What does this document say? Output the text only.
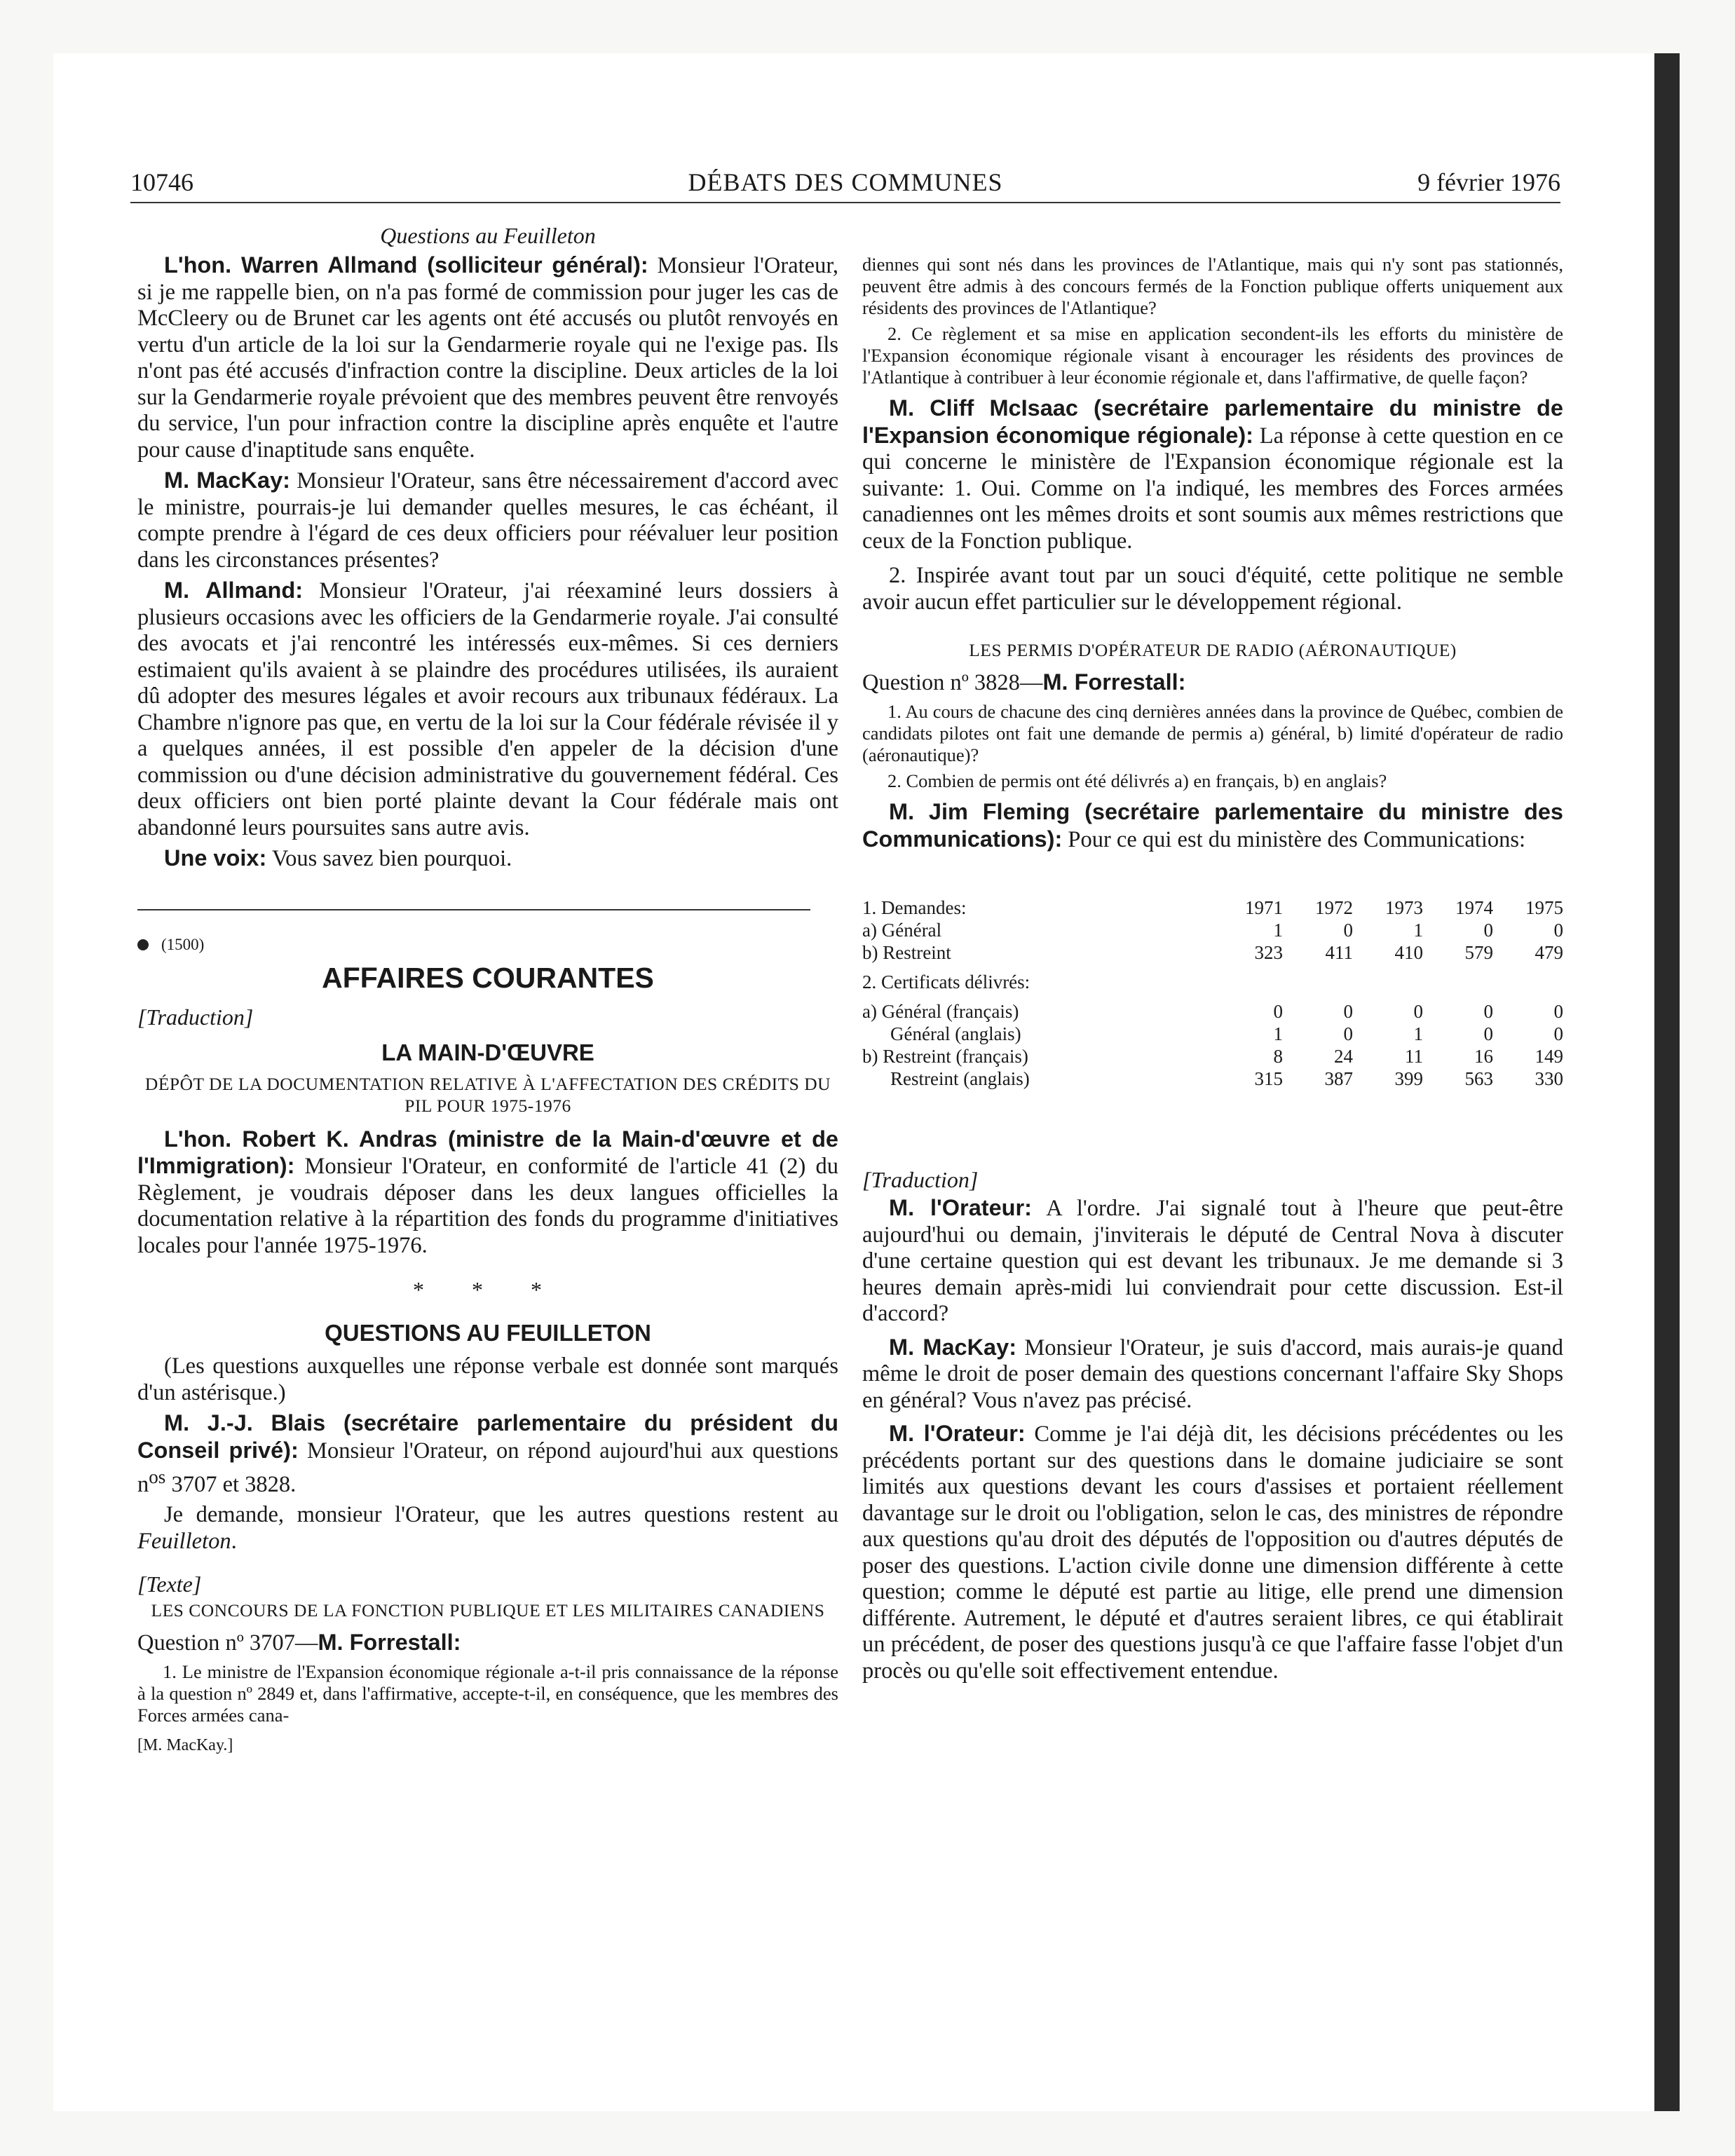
10746	DÉBATS DES COMMUNES	9 février 1976
Questions au Feuilleton

L'hon. Warren Allmand (solliciteur général): Monsieur l'Orateur, si je me rappelle bien, on n'a pas formé de commission pour juger les cas de McCleery ou de Brunet car les agents ont été accusés ou plutôt renvoyés en vertu d'un article de la loi sur la Gendarmerie royale qui ne l'exige pas. Ils n'ont pas été accusés d'infraction contre la discipline. Deux articles de la loi sur la Gendarmerie royale prévoient que des membres peuvent être renvoyés du service, l'un pour infraction contre la discipline après enquête et l'autre pour cause d'inaptitude sans enquête.

M. MacKay: Monsieur l'Orateur, sans être nécessairement d'accord avec le ministre, pourrais-je lui demander quelles mesures, le cas échéant, il compte prendre à l'égard de ces deux officiers pour réévaluer leur position dans les circonstances présentes?

M. Allmand: Monsieur l'Orateur, j'ai réexaminé leurs dossiers à plusieurs occasions avec les officiers de la Gendarmerie royale. J'ai consulté des avocats et j'ai rencontré les intéressés eux-mêmes. Si ces derniers estimaient qu'ils avaient à se plaindre des procédures utilisées, ils auraient dû adopter des mesures légales et avoir recours aux tribunaux fédéraux. La Chambre n'ignore pas que, en vertu de la loi sur la Cour fédérale révisée il y a quelques années, il est possible d'en appeler de la décision d'une commission ou d'une décision administrative du gouvernement fédéral. Ces deux officiers ont bien porté plainte devant la Cour fédérale mais ont abandonné leurs poursuites sans autre avis.

Une voix: Vous savez bien pourquoi.

(1500)
AFFAIRES COURANTES
[Traduction]
LA MAIN-D'ŒUVRE
DÉPÔT DE LA DOCUMENTATION RELATIVE À L'AFFECTATION DES CRÉDITS DU PIL POUR 1975-1976

L'hon. Robert K. Andras (ministre de la Main-d'œuvre et de l'Immigration): Monsieur l'Orateur, en conformité de l'article 41 (2) du Règlement, je voudrais déposer dans les deux langues officielles la documentation relative à la répartition des fonds du programme d'initiatives locales pour l'année 1975-1976.

* * *
QUESTIONS AU FEUILLETON

(Les questions auxquelles une réponse verbale est donnée sont marqués d'un astérisque.)

M. J.-J. Blais (secrétaire parlementaire du président du Conseil privé): Monsieur l'Orateur, on répond aujourd'hui aux questions $n^{os}$ 3707 et 3828.

Je demande, monsieur l'Orateur, que les autres questions restent au Feuilleton.

[Texte]
LES CONCOURS DE LA FONCTION PUBLIQUE ET LES MILITAIRES CANADIENS
Question nº 3707—M. Forrestall:

1. Le ministre de l'Expansion économique régionale a-t-il pris connaissance de la réponse à la question nº 2849 et, dans l'affirmative, accepte-t-il, en conséquence, que les membres des Forces armées cana-

[M. MacKay.]

diennes qui sont nés dans les provinces de l'Atlantique, mais qui n'y sont pas stationnés, peuvent être admis à des concours fermés de la Fonction publique offerts uniquement aux résidents des provinces de l'Atlantique?

2. Ce règlement et sa mise en application secondent-ils les efforts du ministère de l'Expansion économique régionale visant à encourager les résidents des provinces de l'Atlantique à contribuer à leur économie régionale et, dans l'affirmative, de quelle façon?

M. Cliff McIsaac (secrétaire parlementaire du ministre de l'Expansion économique régionale): La réponse à cette question en ce qui concerne le ministère de l'Expansion économique régionale est la suivante: 1. Oui. Comme on l'a indiqué, les membres des Forces armées canadiennes ont les mêmes droits et sont soumis aux mêmes restrictions que ceux de la Fonction publique.

2. Inspirée avant tout par un souci d'équité, cette politique ne semble avoir aucun effet particulier sur le développement régional.

LES PERMIS D'OPÉRATEUR DE RADIO (AÉRONAUTIQUE)
Question nº 3828—M. Forrestall:

1. Au cours de chacune des cinq dernières années dans la province de Québec, combien de candidats pilotes ont fait une demande de permis a) général, b) limité d'opérateur de radio (aéronautique)?

2. Combien de permis ont été délivrés a) en français, b) en anglais?

M. Jim Fleming (secrétaire parlementaire du ministre des Communications): Pour ce qui est du ministère des Communications:

1. Demandes:	1971	1972	1973	1974	1975
a) Général	1	0	1	0	0
b) Restreint	323	411	410	579	479
2. Certificats délivrés:					
a) Général (français)	0	0	0	0	0
Général (anglais)	1	0	1	0	0
b) Restreint (français)	8	24	11	16	149
Restreint (anglais)	315	387	399	563	330
[Traduction]

M. l'Orateur: A l'ordre. J'ai signalé tout à l'heure que peut-être aujourd'hui ou demain, j'inviterais le député de Central Nova à discuter d'une certaine question qui est devant les tribunaux. Je me demande si 3 heures demain après-midi lui conviendrait pour cette discussion. Est-il d'accord?

M. MacKay: Monsieur l'Orateur, je suis d'accord, mais aurais-je quand même le droit de poser demain des questions concernant l'affaire Sky Shops en général? Vous n'avez pas précisé.

M. l'Orateur: Comme je l'ai déjà dit, les décisions précédentes ou les précédents portant sur des questions dans le domaine judiciaire se sont limités aux questions devant les cours d'assises et portaient réellement davantage sur le droit ou l'obligation, selon le cas, des ministres de répondre aux questions qu'au droit des députés de l'opposition ou d'autres députés de poser des questions. L'action civile donne une dimension différente à cette question; comme le député est partie au litige, elle prend une dimension différente. Autrement, le député et d'autres seraient libres, ce qui établirait un précédent, de poser des questions jusqu'à ce que l'affaire fasse l'objet d'un procès ou qu'elle soit effectivement entendue.
